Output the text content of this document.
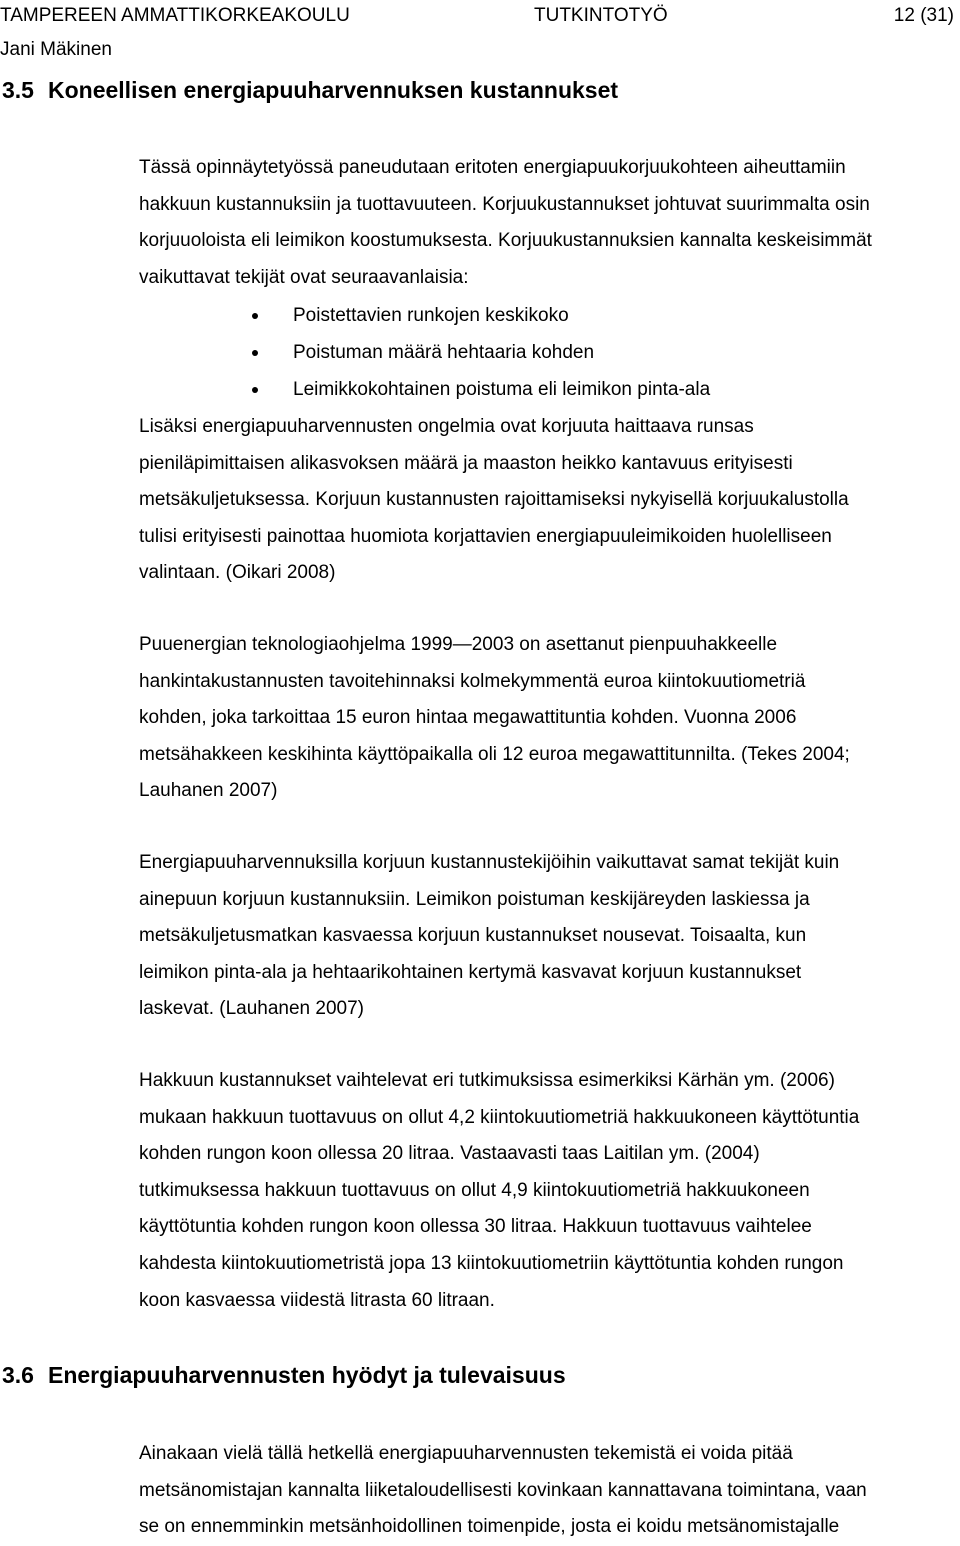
TAMPEREEN AMMATTIKORKEAKOULU	TUTKINTOTYÖ	12 (31)
Jani Mäkinen
3.5 Koneellisen energiapuuharvennuksen kustannukset

Tässä opinnäytetyössä paneudutaan eritoten energiapuukorjuukohteen aiheuttamiin
hakkuun kustannuksiin ja tuottavuuteen. Korjuukustannukset johtuvat suurimmalta osin
korjuuoloista eli leimikon koostumuksesta. Korjuukustannuksien kannalta keskeisimmät
vaikuttavat tekijät ovat seuraavanlaisia:

Poistettavien runkojen keskikoko
Poistuman määrä hehtaaria kohden
Leimikkokohtainen poistuma eli leimikon pinta-ala

Lisäksi energiapuuharvennusten ongelmia ovat korjuuta haittaava runsas
pieniläpimittaisen alikasvoksen määrä ja maaston heikko kantavuus erityisesti
metsäkuljetuksessa. Korjuun kustannusten rajoittamiseksi nykyisellä korjuukalustolla
tulisi erityisesti painottaa huomiota korjattavien energiapuuleimikoiden huolelliseen
valintaan. (Oikari 2008)

Puuenergian teknologiaohjelma 1999—2003 on asettanut pienpuuhakkeelle
hankintakustannusten tavoitehinnaksi kolmekymmentä euroa kiintokuutiometriä
kohden, joka tarkoittaa 15 euron hintaa megawattituntia kohden. Vuonna 2006
metsähakkeen keskihinta käyttöpaikalla oli 12 euroa megawattitunnilta. (Tekes 2004;
Lauhanen 2007)

Energiapuuharvennuksilla korjuun kustannustekijöihin vaikuttavat samat tekijät kuin
ainepuun korjuun kustannuksiin. Leimikon poistuman keskijäreyden laskiessa ja
metsäkuljetusmatkan kasvaessa korjuun kustannukset nousevat. Toisaalta, kun
leimikon pinta-ala ja hehtaarikohtainen kertymä kasvavat korjuun kustannukset
laskevat. (Lauhanen 2007)

Hakkuun kustannukset vaihtelevat eri tutkimuksissa esimerkiksi Kärhän ym. (2006)
mukaan hakkuun tuottavuus on ollut 4,2 kiintokuutiometriä hakkuukoneen käyttötuntia
kohden rungon koon ollessa 20 litraa. Vastaavasti taas Laitilan ym. (2004)
tutkimuksessa hakkuun tuottavuus on ollut 4,9 kiintokuutiometriä hakkuukoneen
käyttötuntia kohden rungon koon ollessa 30 litraa. Hakkuun tuottavuus vaihtelee
kahdesta kiintokuutiometristä jopa 13 kiintokuutiometriin käyttötuntia kohden rungon
koon kasvaessa viidestä litrasta 60 litraan.

3.6 Energiapuuharvennusten hyödyt ja tulevaisuus

Ainakaan vielä tällä hetkellä energiapuuharvennusten tekemistä ei voida pitää
metsänomistajan kannalta liiketaloudellisesti kovinkaan kannattavana toimintana, vaan
se on ennemminkin metsänhoidollinen toimenpide, josta ei koidu metsänomistajalle
